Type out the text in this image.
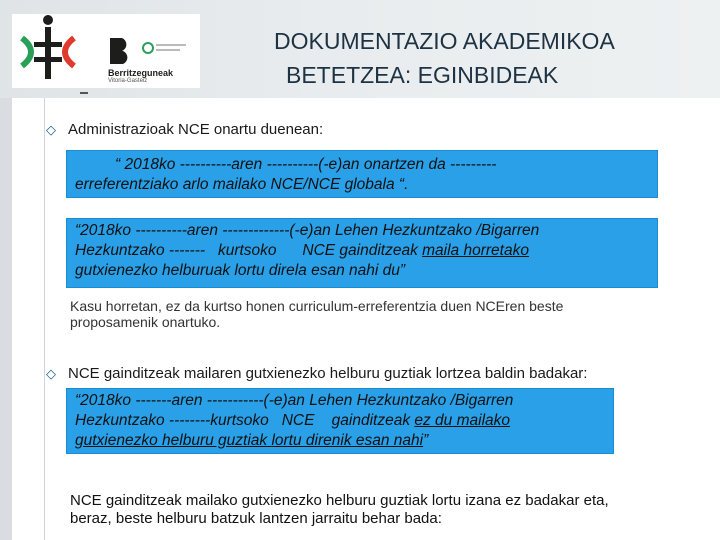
Berritzeguneak
Vitoria-Gasteiz
DOKUMENTAZIO AKADEMIKOA
BETETZEA: EGINBIDEAK
◇ Administrazioak NCE onartu duenean:
“ 2018ko ----------aren ----------(-e)an onartzen da ---------
erreferentziako arlo mailako NCE/NCE globala “.
“2018ko ----------aren -------------(-e)an Lehen Hezkuntzako /Bigarren
Hezkuntzako -------   kurtsoko      NCE gainditzeak maila horretako
gutxienezko helburuak lortu direla esan nahi du”
Kasu horretan, ez da kurtso honen curriculum-erreferentzia duen NCEren beste
proposamenik onartuko.
◇ NCE gainditzeak mailaren gutxienezko helburu guztiak lortzea baldin badakar:
“2018ko -------aren -----------(-e)an Lehen Hezkuntzako /Bigarren
Hezkuntzako --------kurtsoko   NCE    gainditzeak ez du mailako
gutxienezko helburu guztiak lortu direnik esan nahi”
NCE gainditzeak mailako gutxienezko helburu guztiak lortu izana ez badakar eta,
beraz, beste helburu batzuk lantzen jarraitu behar bada:
